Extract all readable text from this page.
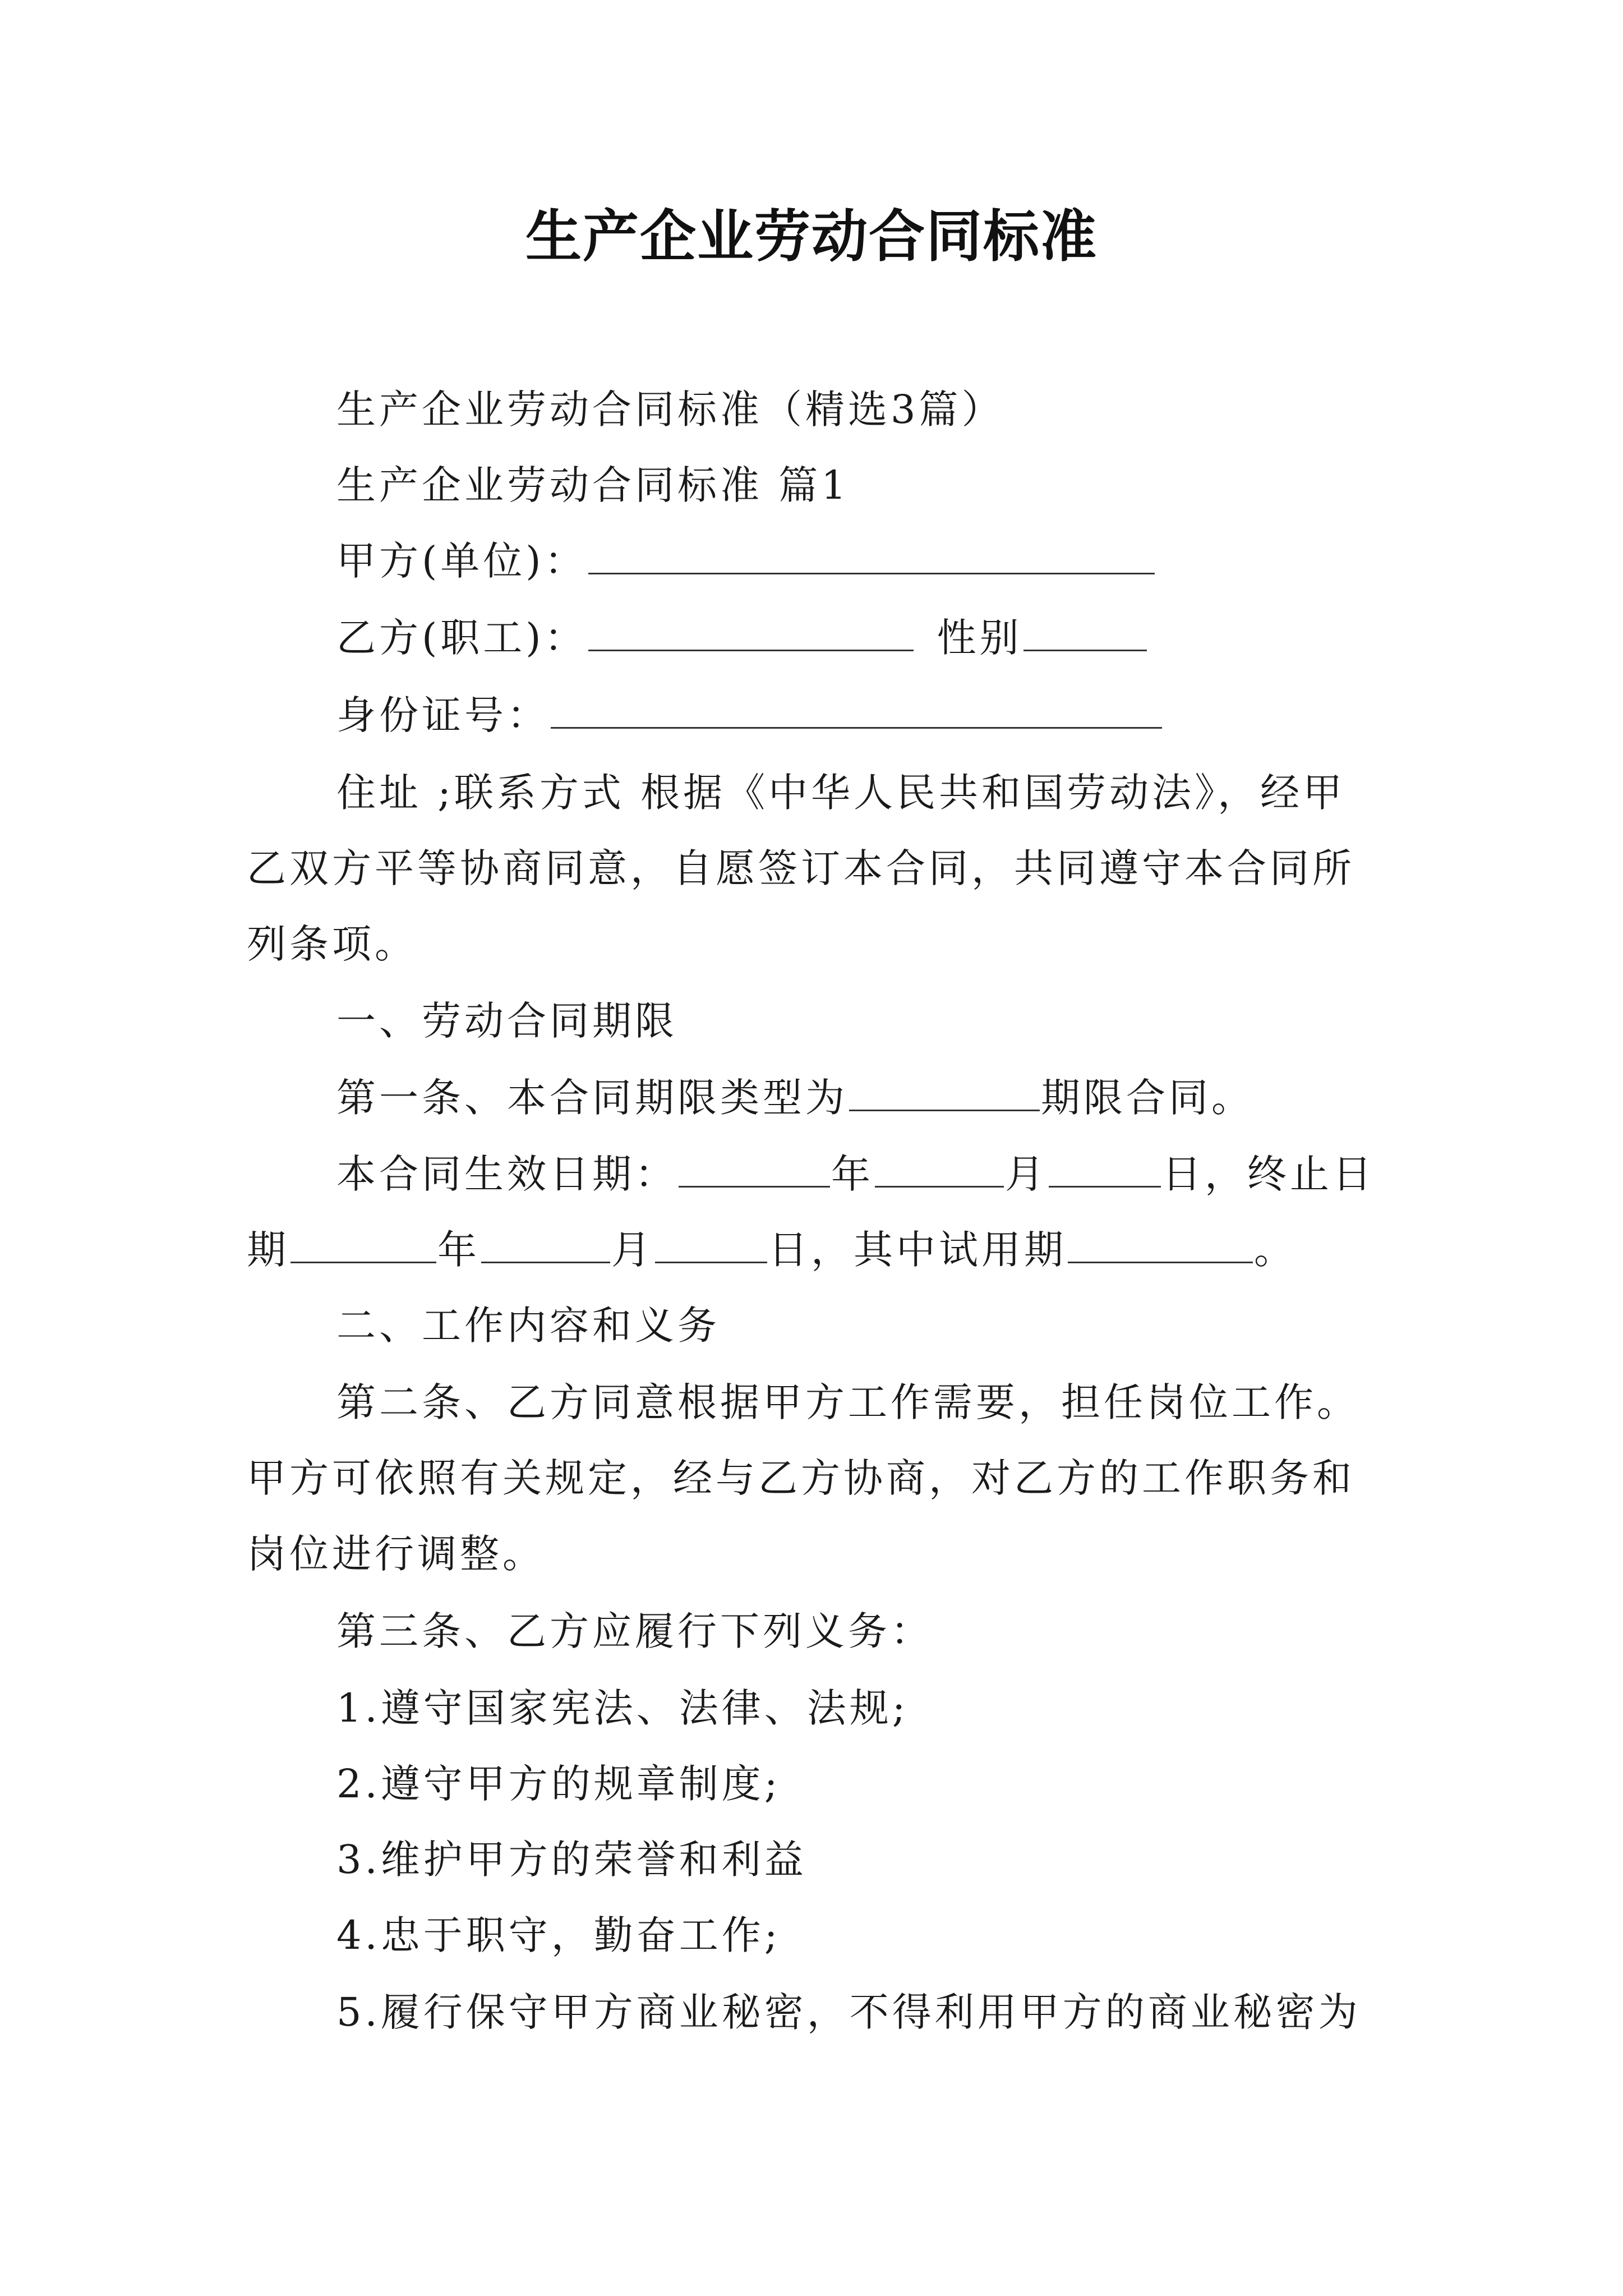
生产企业劳动合同标准
生产企业劳动合同标准（精选3篇）
生产企业劳动合同标准 篇1
甲方(单位)：
乙方(职工)：	性别
身份证号：
住址 ;联系方式 根据《中华人民共和国劳动法》，经甲
乙双方平等协商同意，自愿签订本合同，共同遵守本合同所
列条项。
一、劳动合同期限
第一条、本合同期限类型为	期限合同。
本合同生效日期：	年	月	日，终止日
期	年	月	日，其中试用期	。
二、工作内容和义务
第二条、乙方同意根据甲方工作需要，担任岗位工作。
甲方可依照有关规定，经与乙方协商，对乙方的工作职务和
岗位进行调整。
第三条、乙方应履行下列义务：
1.遵守国家宪法、法律、法规;
2.遵守甲方的规章制度;
3.维护甲方的荣誉和利益
4.忠于职守，勤奋工作;
5.履行保守甲方商业秘密，不得利用甲方的商业秘密为
